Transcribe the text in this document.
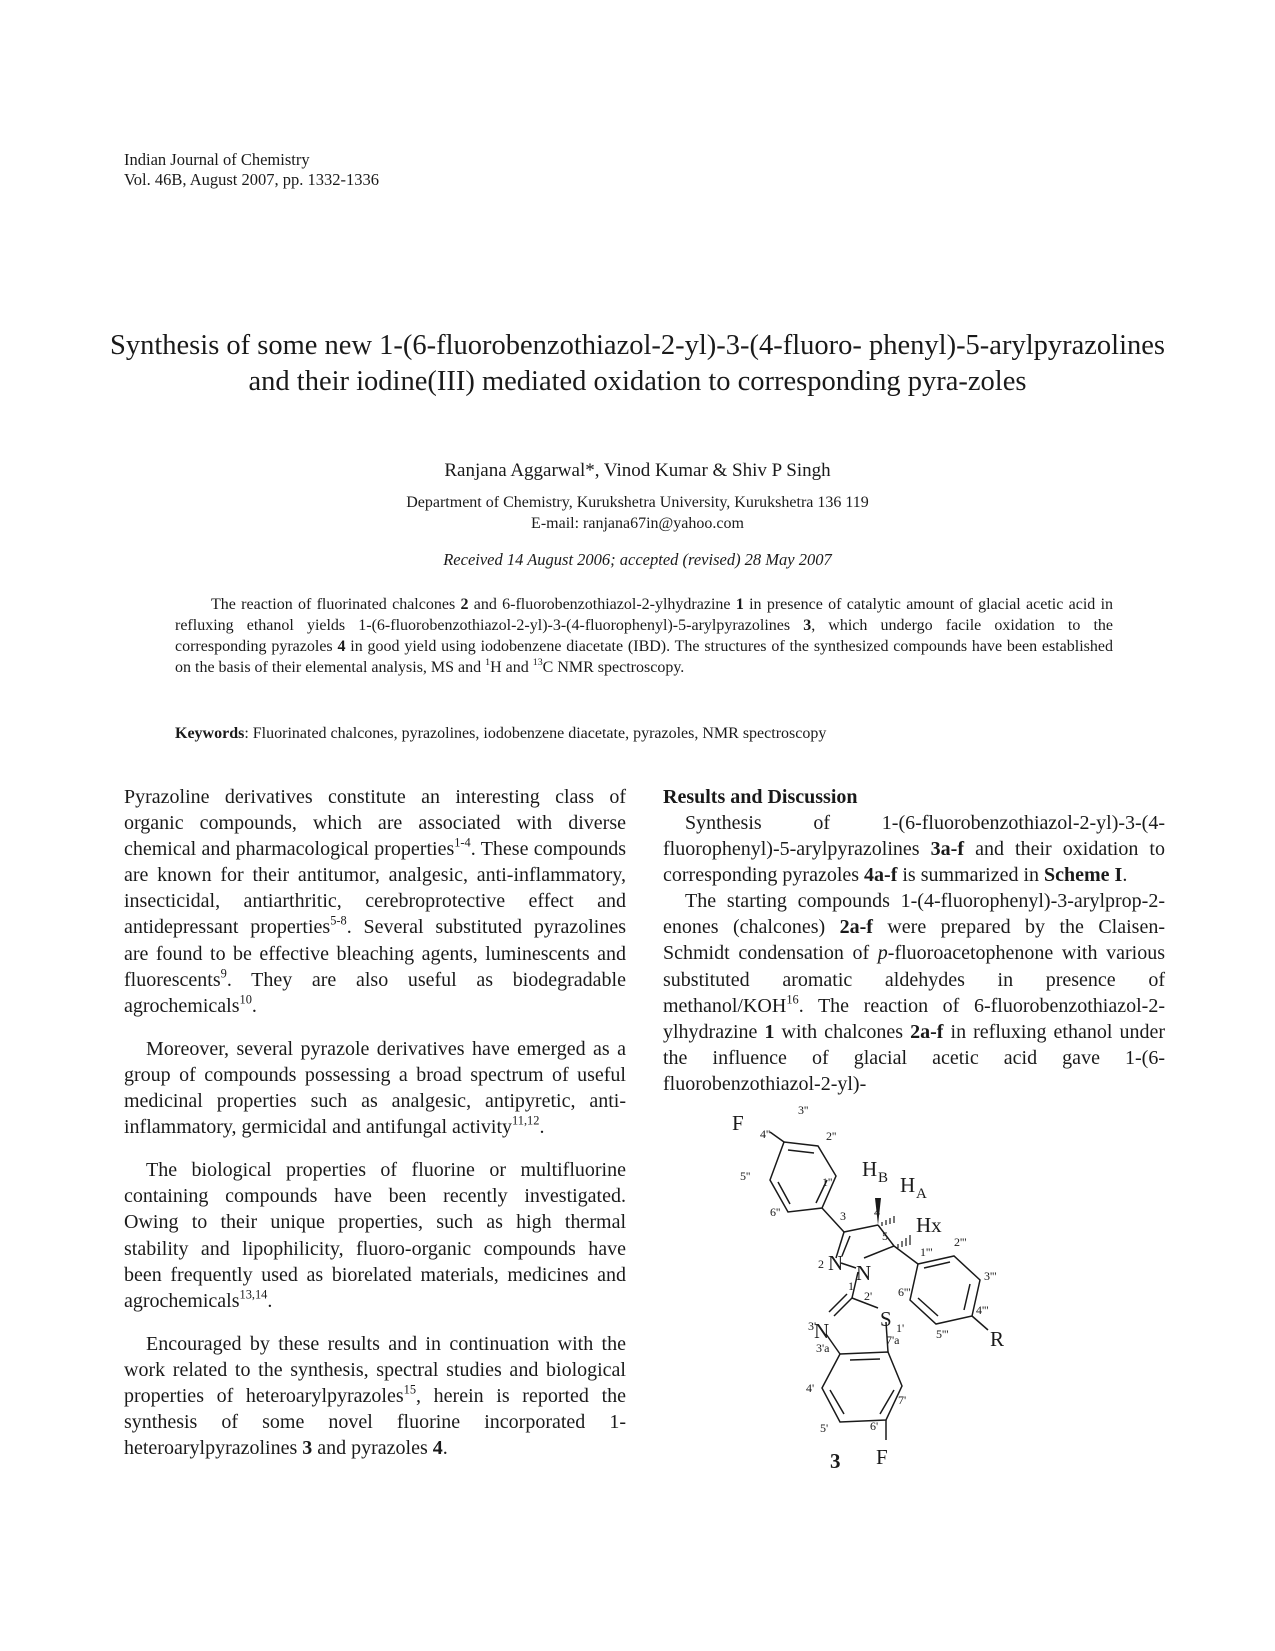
Indian Journal of Chemistry
Vol. 46B, August 2007, pp. 1332-1336
Synthesis of some new 1-(6-fluorobenzothiazol-2-yl)-3-(4-fluoro- phenyl)-5-arylpyrazolines and their iodine(III) mediated oxidation to corresponding pyra-zoles
Ranjana Aggarwal*, Vinod Kumar & Shiv P Singh
Department of Chemistry, Kurukshetra University, Kurukshetra 136 119
E-mail: ranjana67in@yahoo.com
Received 14 August 2006; accepted (revised) 28 May 2007

The reaction of fluorinated chalcones 2 and 6-fluorobenzothiazol-2-ylhydrazine 1 in presence of catalytic amount of glacial acetic acid in refluxing ethanol yields 1-(6-fluorobenzothiazol-2-yl)-3-(4-fluorophenyl)-5-arylpyrazolines 3, which undergo facile oxidation to the corresponding pyrazoles 4 in good yield using iodobenzene diacetate (IBD). The structures of the synthesized compounds have been established on the basis of their elemental analysis, MS and $^1$H and $^{13}$C NMR spectroscopy.

Keywords: Fluorinated chalcones, pyrazolines, iodobenzene diacetate, pyrazoles, NMR spectroscopy

Pyrazoline derivatives constitute an interesting class of organic compounds, which are associated with diverse chemical and pharmacological properties$^{1-4}$. These compounds are known for their antitumor, analgesic, anti-inflammatory, insecticidal, antiarthritic, cerebroprotective effect and antidepressant properties$^{5-8}$. Several substituted pyrazolines are found to be effective bleaching agents, luminescents and fluorescents$^9$. They are also useful as biodegradable agrochemicals$^{10}$.

Moreover, several pyrazole derivatives have emerged as a group of compounds possessing a broad spectrum of useful medicinal properties such as analgesic, antipyretic, anti-inflammatory, germicidal and antifungal activity$^{11,12}$.

The biological properties of fluorine or multifluorine containing compounds have been recently investigated. Owing to their unique properties, such as high thermal stability and lipophilicity, fluoro-organic compounds have been frequently used as biorelated materials, medicines and agrochemicals$^{13,14}$.

Encouraged by these results and in continuation with the work related to the synthesis, spectral studies and biological properties of heteroarylpyrazoles$^{15}$, herein is reported the synthesis of some novel fluorine incorporated 1-heteroarylpyrazolines 3 and pyrazoles 4.

Results and Discussion

Synthesis of 1-(6-fluorobenzothiazol-2-yl)-3-(4-fluorophenyl)-5-arylpyrazolines 3a-f and their oxidation to corresponding pyrazoles 4a-f is summarized in Scheme I.

The starting compounds 1-(4-fluorophenyl)-3-arylprop-2-enones (chalcones) 2a-f were prepared by the Claisen-Schmidt condensation of p-fluoroacetophenone with various substituted aromatic aldehydes in presence of methanol/KOH$^{16}$. The reaction of 6-fluorobenzothiazol-2-ylhydrazine 1 with chalcones 2a-f in refluxing ethanol under the influence of glacial acetic acid gave 1-(6-fluorobenzothiazol-2-yl)-

F
N N
N S
R
F
H B H A
Hx
3
4''
3''
2''
1''
5''
6''	3 4
5
2
1
2'
3'	1'
3'a
7'a
4'
5'	6'
7'
1'''
2'''
3'''
4'''
5'''
6'''
